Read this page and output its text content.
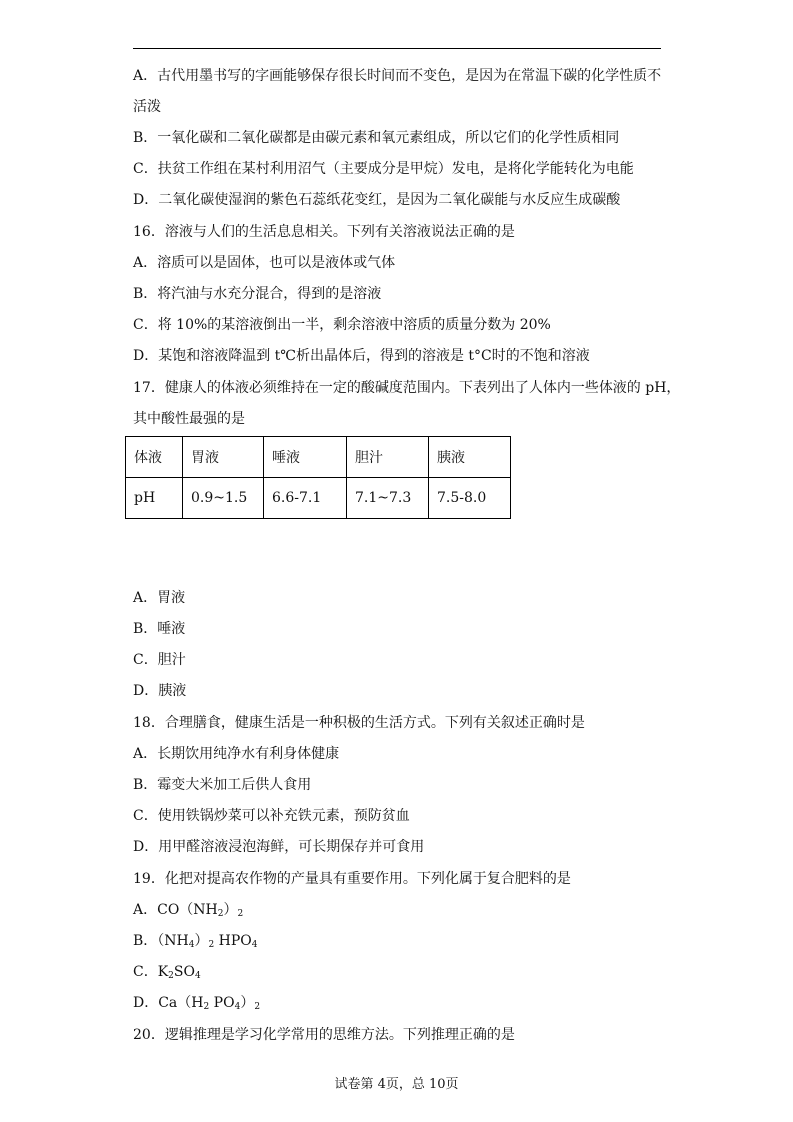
A．古代用墨书写的字画能够保存很长时间而不变色，是因为在常温下碳的化学性质不
活泼
B．一氧化碳和二氧化碳都是由碳元素和氧元素组成，所以它们的化学性质相同
C．扶贫工作组在某村利用沼气（主要成分是甲烷）发电，是将化学能转化为电能
D．二氧化碳使湿润的紫色石蕊纸花变红，是因为二氧化碳能与水反应生成碳酸
16．溶液与人们的生活息息相关。下列有关溶液说法正确的是
A．溶质可以是固体，也可以是液体或气体
B．将汽油与水充分混合，得到的是溶液
C．将 10%的某溶液倒出一半，剩余溶液中溶质的质量分数为 20%
D．某饱和溶液降温到 t℃析出晶体后，得到的溶液是 t°C时的不饱和溶液
17．健康人的体液必须维持在一定的酸碱度范围内。下表列出了人体内一些体液的 pH，
其中酸性最强的是
体液	胃液	唾液	胆汁	胰液
pH	0.9~1.5	6.6-7.1	7.1~7.3	7.5-8.0
A．胃液
B．唾液
C．胆汁
D．胰液
18．合理膳食，健康生活是一种积极的生活方式。下列有关叙述正确时是
A．长期饮用纯净水有利身体健康
B．霉变大米加工后供人食用
C．使用铁锅炒菜可以补充铁元素，预防贫血
D．用甲醛溶液浸泡海鲜，可长期保存并可食用
19．化把对提高农作物的产量具有重要作用。下列化属于复合肥料的是
A．$CO(NH_2)_2$
B．$(NH_4)_2$ $HPO_4$
C．$K_2SO_4$
D．$Ca(H_2$ $PO_4)_2$
20．逻辑推理是学习化学常用的思维方法。下列推理正确的是
试卷第 4页，总 10页
